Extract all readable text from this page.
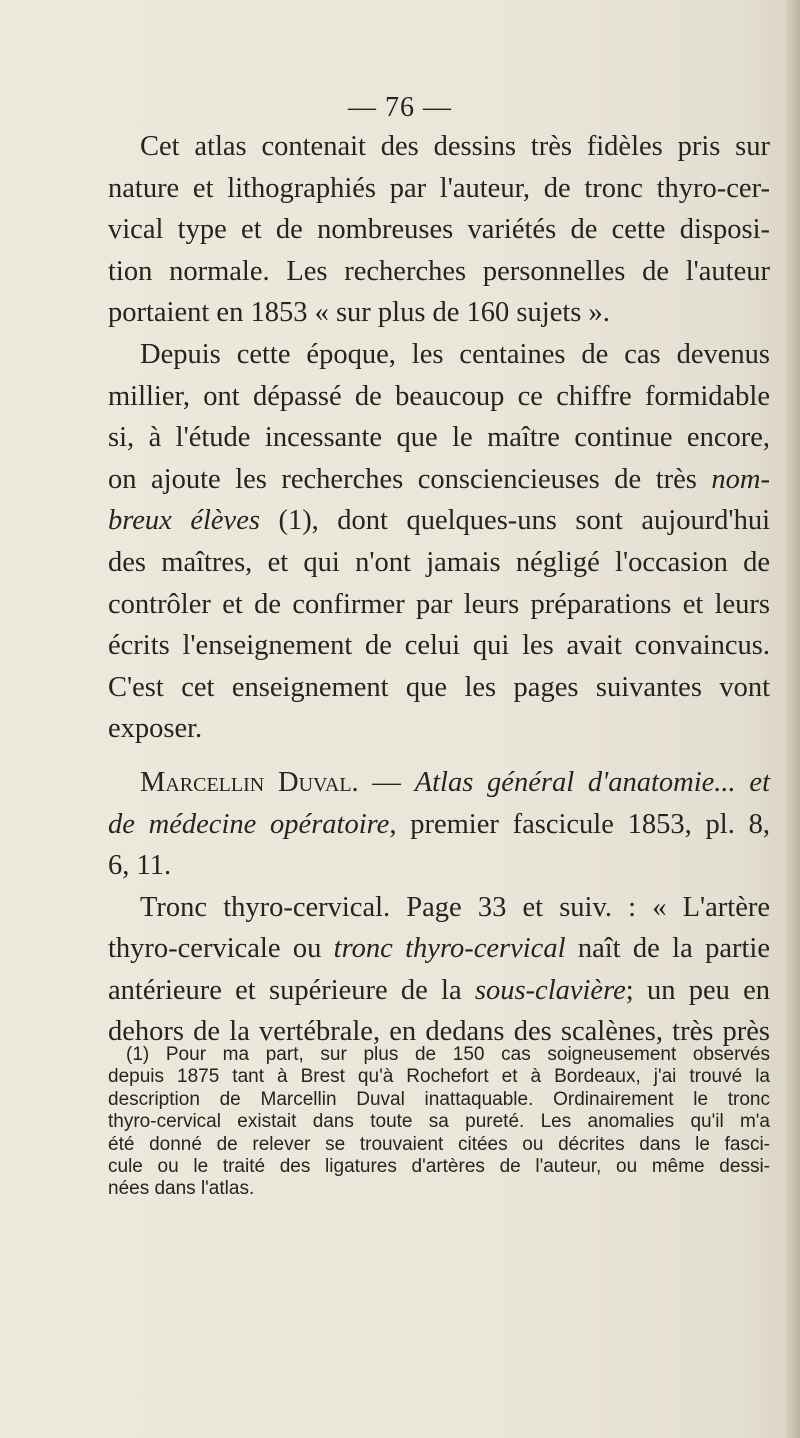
— 76 —

Cet atlas contenait des dessins très fidèles pris sur
nature et lithographiés par l'auteur, de tronc thyro-cer-
vical type et de nombreuses variétés de cette disposi-
tion normale. Les recherches personnelles de l'auteur
portaient en 1853 « sur plus de 160 sujets ».

Depuis cette époque, les centaines de cas devenus
millier, ont dépassé de beaucoup ce chiffre formidable
si, à l'étude incessante que le maître continue encore,
on ajoute les recherches consciencieuses de très nom-
breux élèves (1), dont quelques-uns sont aujourd'hui
des maîtres, et qui n'ont jamais négligé l'occasion de
contrôler et de confirmer par leurs préparations et leurs
écrits l'enseignement de celui qui les avait convaincus.
C'est cet enseignement que les pages suivantes vont
exposer.

Marcellin Duval. — Atlas général d'anatomie... et
de médecine opératoire, premier fascicule 1853, pl. 8,
6, 11.

Tronc thyro-cervical. Page 33 et suiv. : « L'artère
thyro-cervicale ou tronc thyro-cervical naît de la partie
antérieure et supérieure de la sous-clavière; un peu en
dehors de la vertébrale, en dedans des scalènes, très près

(1) Pour ma part, sur plus de 150 cas soigneusement observés
depuis 1875 tant à Brest qu'à Rochefort et à Bordeaux, j'ai trouvé la
description de Marcellin Duval inattaquable. Ordinairement le tronc
thyro-cervical existait dans toute sa pureté. Les anomalies qu'il m'a
été donné de relever se trouvaient citées ou décrites dans le fasci-
cule ou le traité des ligatures d'artères de l'auteur, ou même dessi-
nées dans l'atlas.
